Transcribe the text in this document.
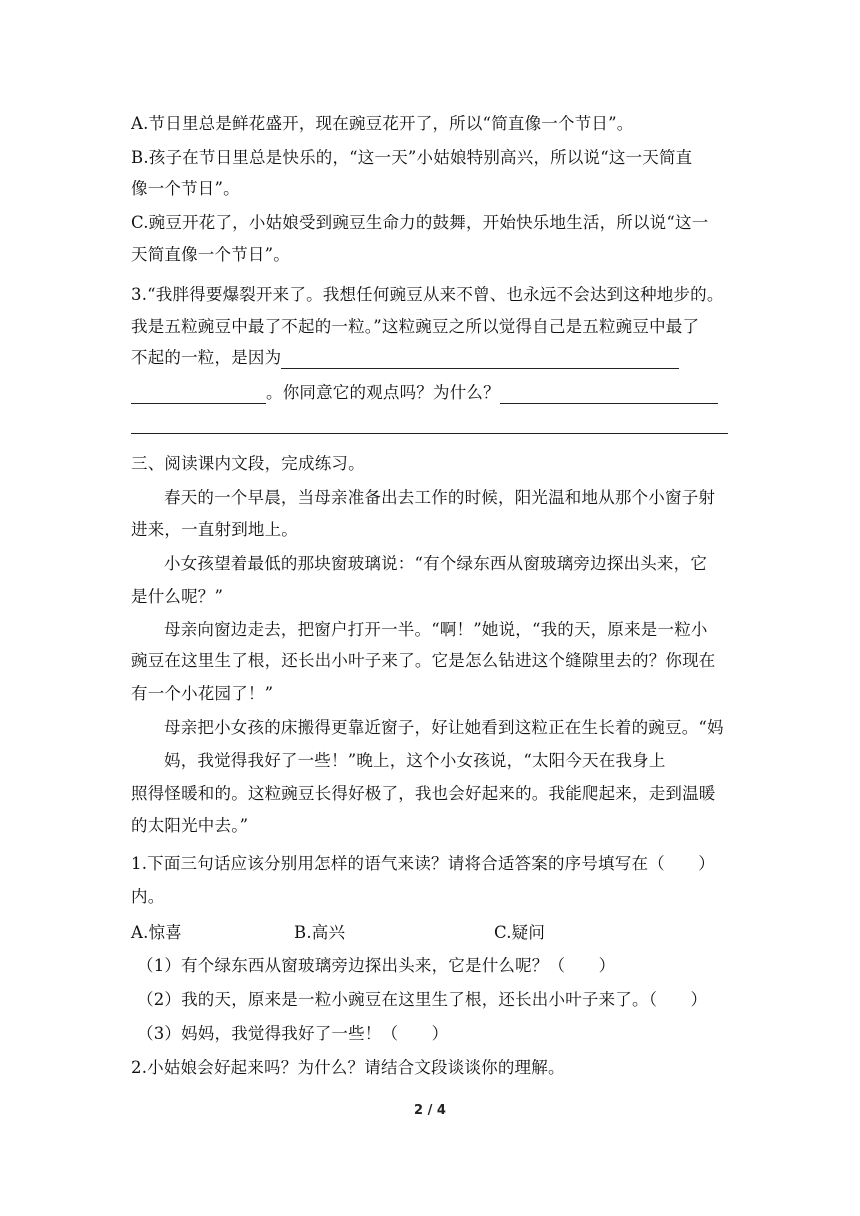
A.节日里总是鲜花盛开，现在豌豆花开了，所以“简直像一个节日”。
B.孩子在节日里总是快乐的，“这一天”小姑娘特别高兴，所以说“这一天简直
像一个节日”。
C.豌豆开花了，小姑娘受到豌豆生命力的鼓舞，开始快乐地生活，所以说“这一
天简直像一个节日”。
3.“我胖得要爆裂开来了。我想任何豌豆从来不曾、也永远不会达到这种地步的。
我是五粒豌豆中最了不起的一粒。”这粒豌豆之所以觉得自己是五粒豌豆中最了
不起的一粒，是因为
。你同意它的观点吗？为什么？
三、阅读课内文段，完成练习。
春天的一个早晨，当母亲准备出去工作的时候，阳光温和地从那个小窗子射
进来，一直射到地上。
小女孩望着最低的那块窗玻璃说：“有个绿东西从窗玻璃旁边探出头来，它
是什么呢？”
母亲向窗边走去，把窗户打开一半。“啊！”她说，“我的天，原来是一粒小
豌豆在这里生了根，还长出小叶子来了。它是怎么钻进这个缝隙里去的？你现在
有一个小花园了！”
母亲把小女孩的床搬得更靠近窗子，好让她看到这粒正在生长着的豌豆。“妈
妈，我觉得我好了一些！”晚上，这个小女孩说，“太阳今天在我身上
照得怪暖和的。这粒豌豆长得好极了，我也会好起来的。我能爬起来，走到温暖
的太阳光中去。”
1.下面三句话应该分别用怎样的语气来读？请将合适答案的序号填写在（　　）
内。
A.惊喜	B.高兴	C.疑问
（1）有个绿东西从窗玻璃旁边探出头来，它是什么呢？（　　）
（2）我的天，原来是一粒小豌豆在这里生了根，还长出小叶子来了。（　　）
（3）妈妈，我觉得我好了一些！（　　）
2.小姑娘会好起来吗？为什么？请结合文段谈谈你的理解。
2 / 4
